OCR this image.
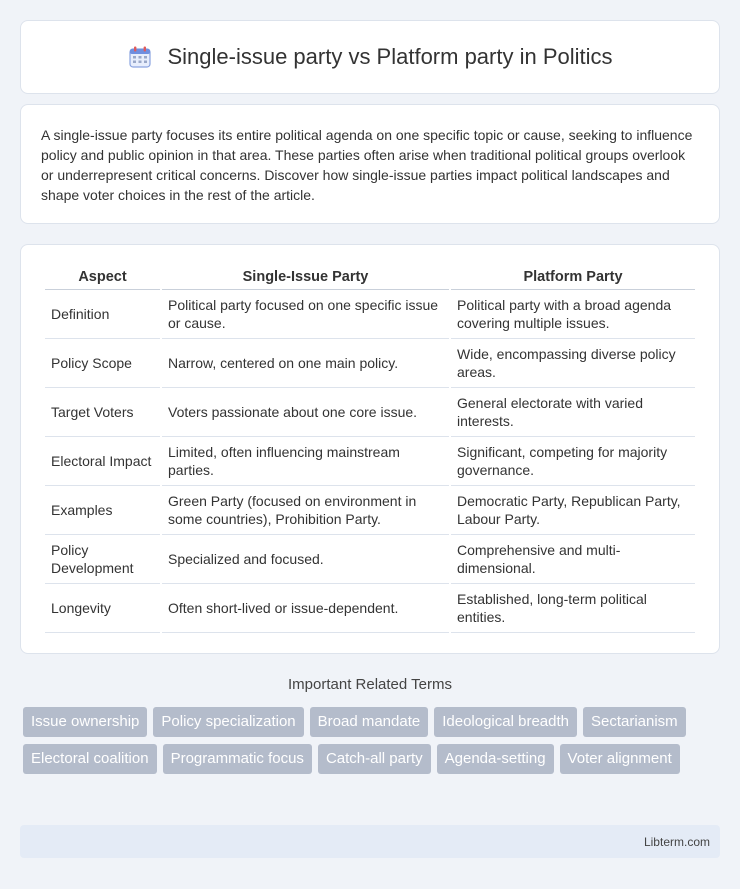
Single-issue party vs Platform party in Politics

A single-issue party focuses its entire political agenda on one specific topic or cause, seeking to influence policy and public opinion in that area. These parties often arise when traditional political groups overlook or underrepresent critical concerns. Discover how single-issue parties impact political landscapes and shape voter choices in the rest of the article.

Aspect	Single-Issue Party	Platform Party
Definition	Political party focused on one specific issue or cause.	Political party with a broad agenda covering multiple issues.
Policy Scope	Narrow, centered on one main policy.	Wide, encompassing diverse policy areas.
Target Voters	Voters passionate about one core issue.	General electorate with varied interests.
Electoral Impact	Limited, often influencing mainstream parties.	Significant, competing for majority governance.
Examples	Green Party (focused on environment in some countries), Prohibition Party.	Democratic Party, Republican Party, Labour Party.
Policy Development	Specialized and focused.	Comprehensive and multi-dimensional.
Longevity	Often short-lived or issue-dependent.	Established, long-term political entities.
Important Related Terms
Issue ownership	Policy specialization	Broad mandate	Ideological breadth	Sectarianism
Electoral coalition	Programmatic focus	Catch-all party	Agenda-setting	Voter alignment
Libterm.com
